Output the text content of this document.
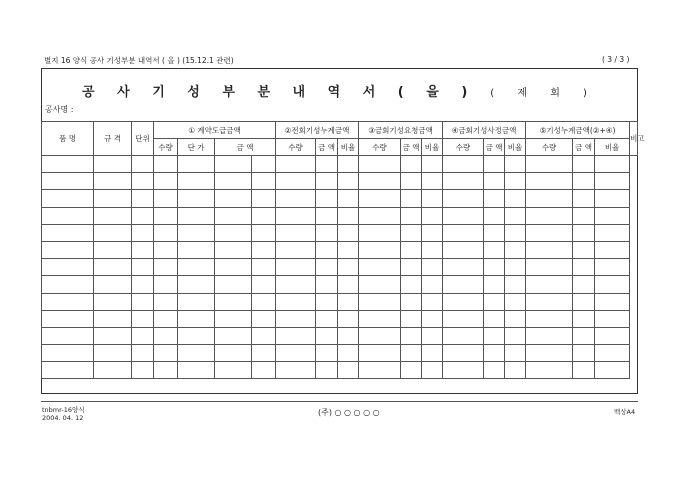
별지 16 양식 공사 기성부분 내역서 ( 을 ) (15.12.1 관련)	( 3 / 3 )
공 사 기 성 부 분 내 역 서 ( 을 ) ( 제 회 )
공사명 :
품 명	규 격	단위	① 계약도급금액				②전회기성누계금액			③금회기성요청금액			④금회기성사정금액			⑤기성누계금액(②+④)			비고
			수량	단 가	금 액		수량	금 액	비율	수량	금 액	비율	수량	금 액	비율	수량	금 액	비율	

tnbmr-16양식
2004. 04. 12
(주) ○ ○ ○ ○ ○	백상A4
